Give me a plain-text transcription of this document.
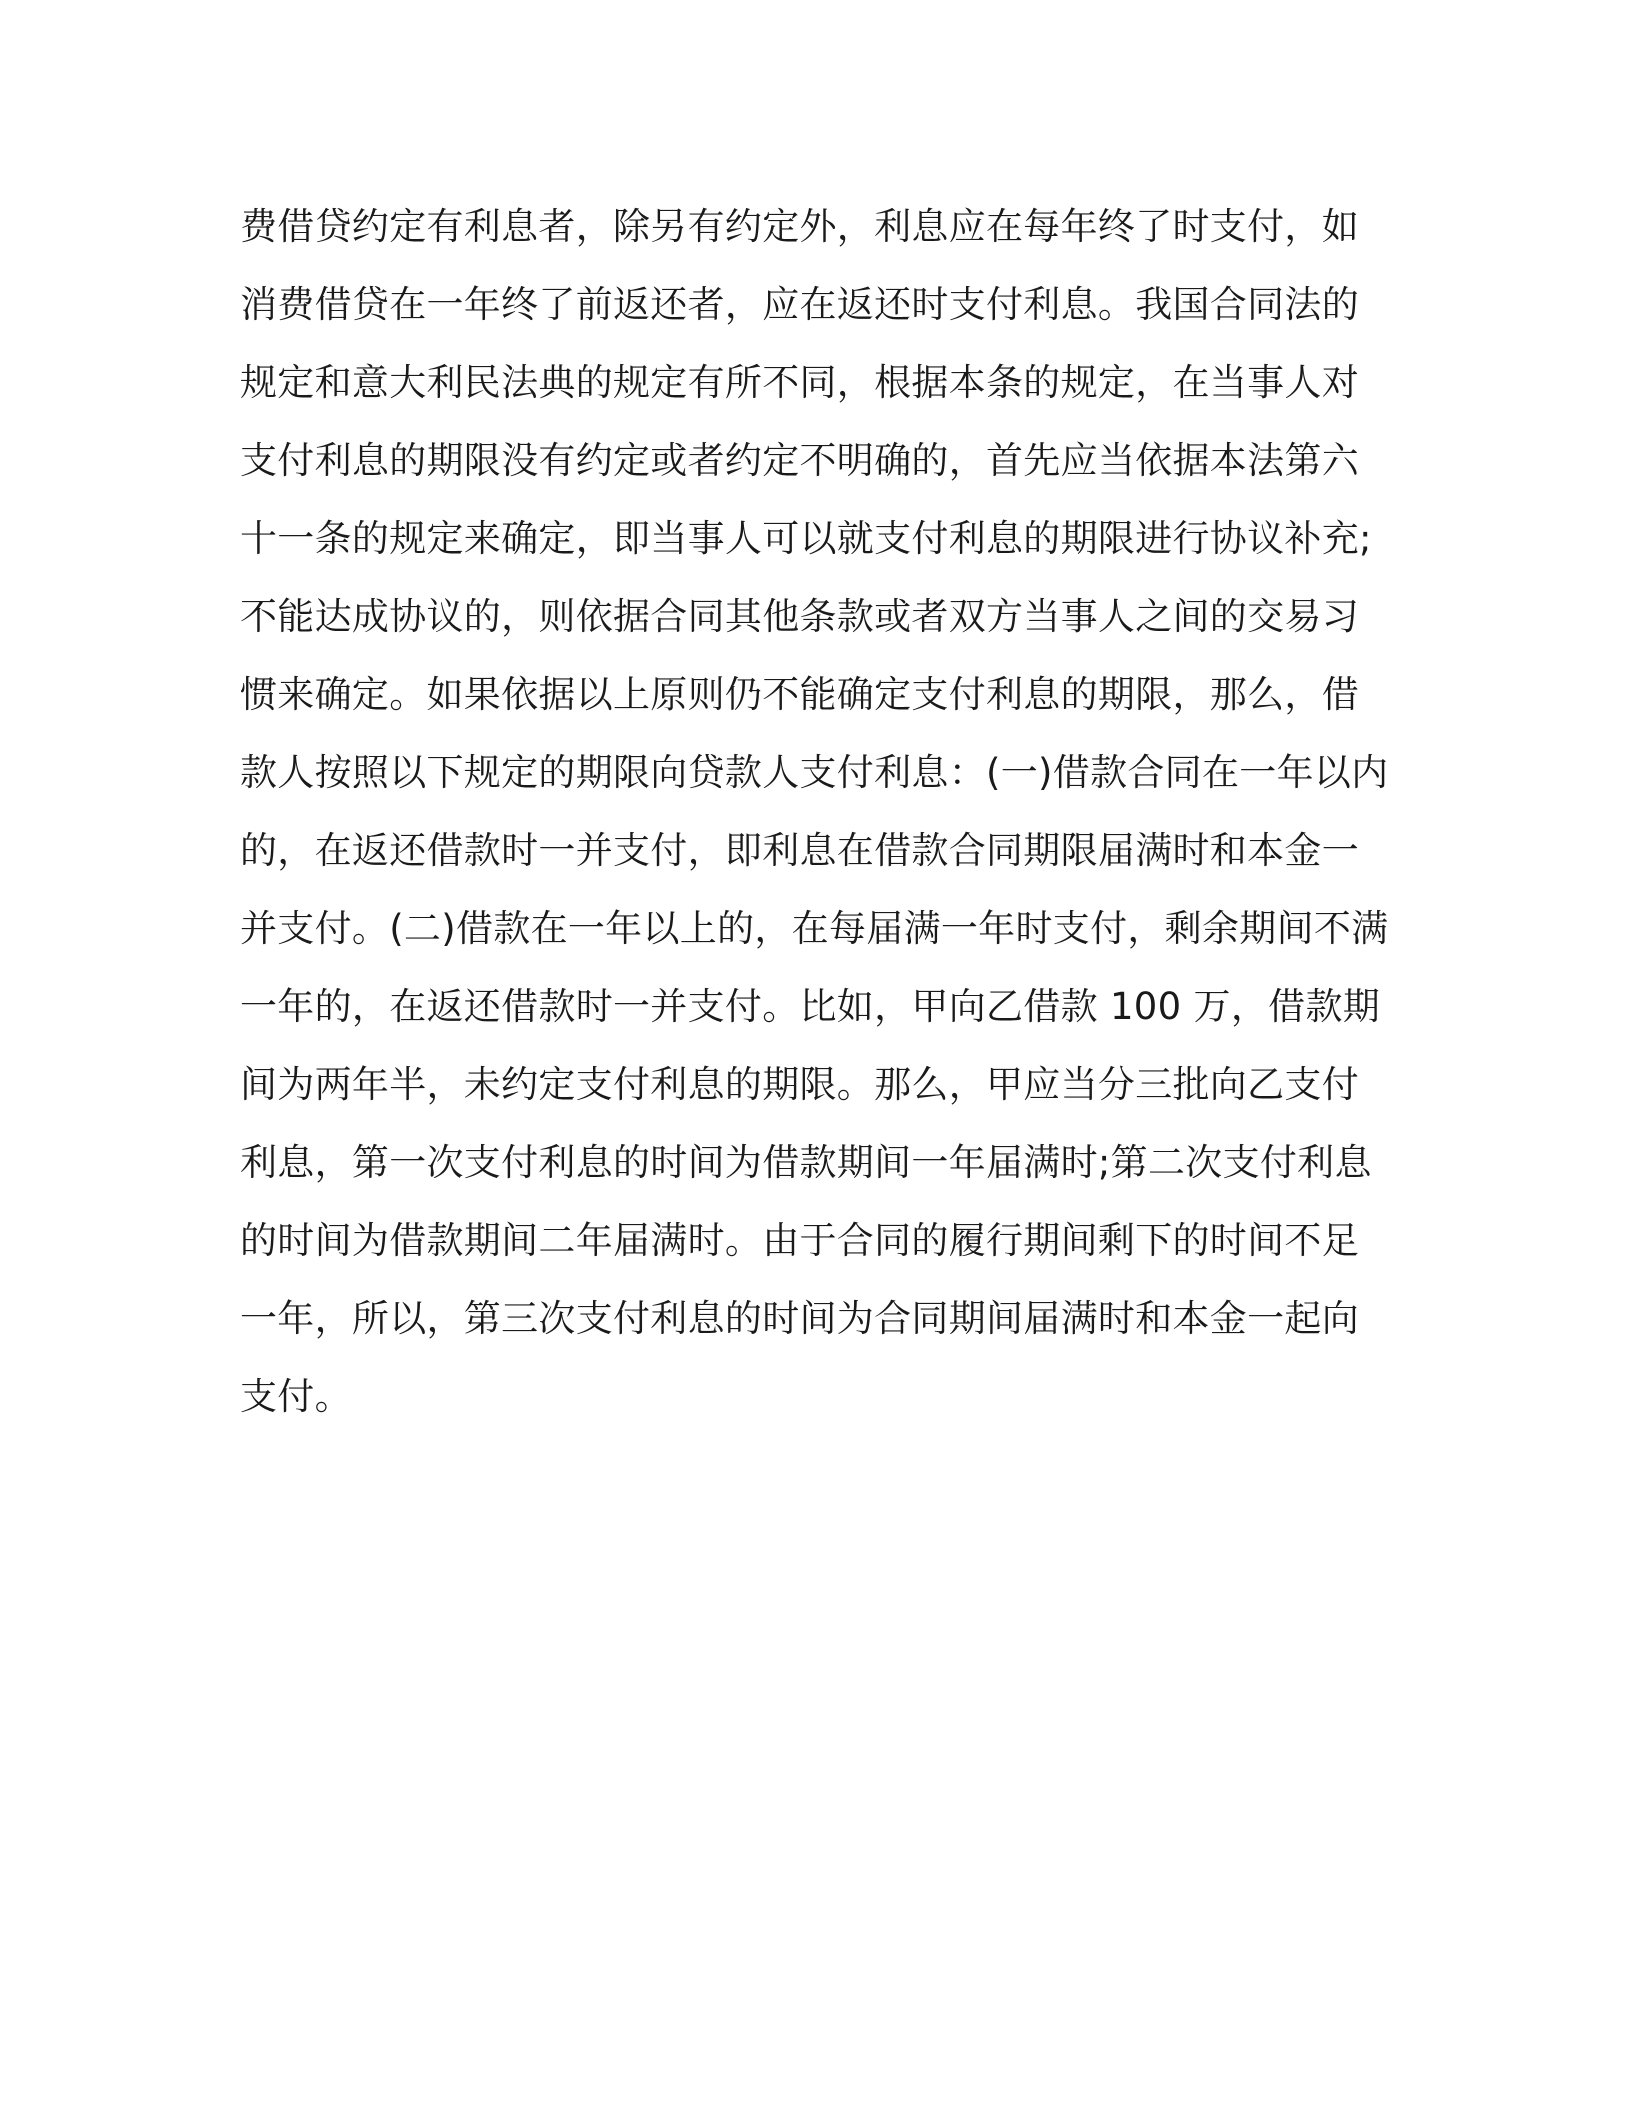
费借贷约定有利息者，除另有约定外，利息应在每年终了时支付，如
消费借贷在一年终了前返还者，应在返还时支付利息。我国合同法的
规定和意大利民法典的规定有所不同，根据本条的规定，在当事人对
支付利息的期限没有约定或者约定不明确的，首先应当依据本法第六
十一条的规定来确定，即当事人可以就支付利息的期限进行协议补充;
不能达成协议的，则依据合同其他条款或者双方当事人之间的交易习
惯来确定。如果依据以上原则仍不能确定支付利息的期限，那么，借
款人按照以下规定的期限向贷款人支付利息：(一)借款合同在一年以内
的，在返还借款时一并支付，即利息在借款合同期限届满时和本金一
并支付。(二)借款在一年以上的，在每届满一年时支付，剩余期间不满
一年的，在返还借款时一并支付。比如，甲向乙借款 100 万，借款期
间为两年半，未约定支付利息的期限。那么，甲应当分三批向乙支付
利息，第一次支付利息的时间为借款期间一年届满时;第二次支付利息
的时间为借款期间二年届满时。由于合同的履行期间剩下的时间不足
一年，所以，第三次支付利息的时间为合同期间届满时和本金一起向
支付。
